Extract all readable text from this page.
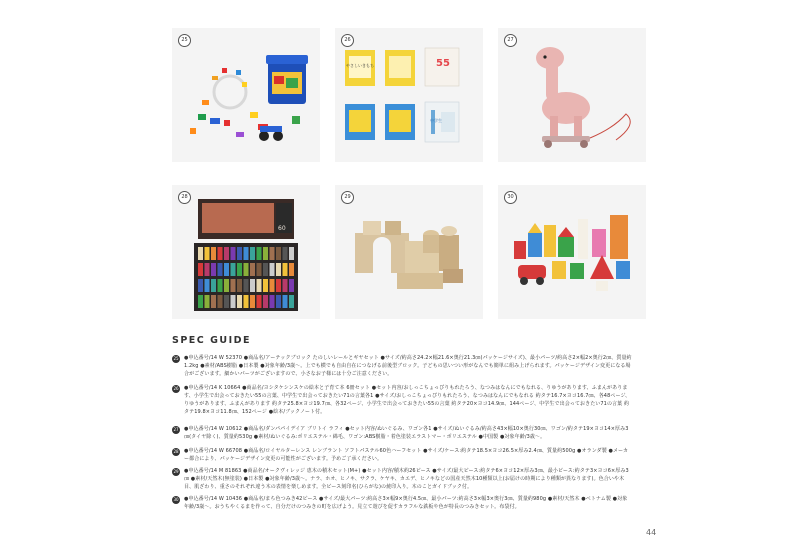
25	26
やさしいきもち	55
中学生
27
28
60
29	30
SPEC GUIDE
25 ●申込番号/14 W 52370 ●商品名/アーテックブロック たのしいレールとギヤセット ●サイズ/約高さ24.2×幅21.6×奥行21.3㎝(パッケージサイズ)、最小パーツ/約高さ2×幅2×奥行2㎝、質量約1.2kg ●素材/ABS樹脂 ●日本製 ●対象年齢/3歳〜。上でも横でも自由自在につなげる前後型ブロック。子どもの思いつい形がなんでも簡単に組み上げられます。パッケージデザイン変更になる場合がございます。細かいパーツがございますので、小さなお子様には十分ご注意ください。
26 ●申込番号/14 K 10664 ●商品名/ヨシタケシンスケの絵本と子育て本 6冊セット ●セット内容/おしっこちょっぴりもれたろう、なつみはなんにでもなれる、りゆうがあります、ふまんがあります、小学生で出会っておきたい55の言葉、中学生で出会っておきたい71の言葉各1 ●サイズ/おしっこちょっぴりもれたろう、なつみはなんにでもなれる 約タテ16.7×ヨコ16.7㎝、各48ページ、りゆうがあります、ふまんがあります 約タテ25.8×ヨコ19.7㎝、各32ページ、小学生で出会っておきたい55の言葉 約タテ20×ヨコ14.9㎝、144ページ、中学生で出会っておきたい71の言葉 約タテ19.8×ヨコ11.8㎝、152ページ ●絵本/ブックノート付。
27 ●申込番号/14 W 10612 ●商品名/ダンパパイデイア ブリトイ ラフィ ●セット内容/ぬいぐるみ、ワゴン各1 ●サイズ/ぬいぐるみ/約高さ43×幅10×奥行30㎝、ワゴン/約タテ19×ヨコ14×厚み3㎝(タイヤ除く)、質量約530g ●素材/ぬいぐるみ:ポリエステル・綿毛、ワゴン:ABS樹脂・着色塗装エラストマー・ポリエステル ●中国製 ●対象年齢/3歳〜。
28 ●申込番号/14 W 66708 ●商品名/ロイヤルターレンス レンブラント ソフトパステル60色ハーフセット ●サイズ/ケース:約タテ18.5×ヨコ26.5×厚み2.4㎝、質量約500g ●オランダ製 ●メーカー都合により、パッケージデザイン変更の可能性がございます。予めご了承ください。
29 ●申込番号/14 M 81863 ●商品名/オークヴィレッジ 恵木の積木セット(M+) ●セット内容/積木約26ピース ●サイズ/最大ピース:約タテ6×ヨコ12×厚み3㎝、最小ピース:約タテ3×ヨコ6×厚み3㎝ ●素材/天然木(無塗装) ●日本製 ●対象年齢/3歳〜。ナラ、ホオ、ヒノキ、サクラ、ケヤキ、カエデ、ヒノキなどの国産天然木10種類以上(お届けの時期により種類が異なります)。色合いや木目、肌ざわり、重さのそれぞれ違う木の表情を楽しめます。全ピース刻印名(ひらがな)の焼印入り。木のことガイドブック付。
30 ●申込番号/14 W 10436 ●商品名/まち色つみき42ピース ●サイズ/最大パーツ:約高さ3×幅9×奥行4.5㎝、最小パーツ:約高さ3×幅3×奥行3㎝、質量約980g ●素材/天然木 ●ベトナム製 ●対象年齢/3歳〜。おうちやくるまを作って、自分だけのつみきの町を広げよう。見立て遊びを促すカラフルな鉄板や色が特長のつみきセット。布袋付。
44
